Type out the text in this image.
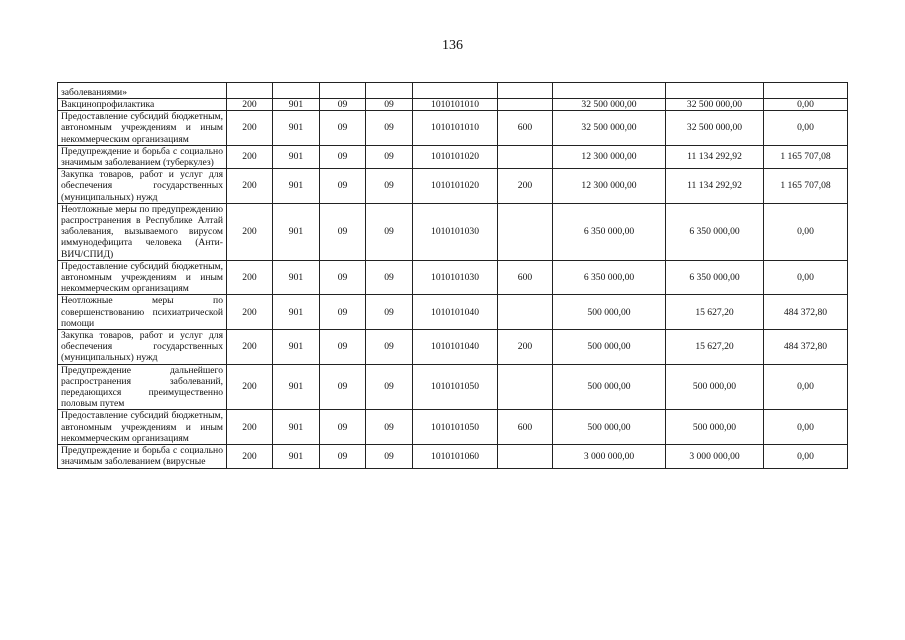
136
заболеваниями»									
Вакцинопрофилактика	200	901	09	09	1010101010		32 500 000,00	32 500 000,00	0,00
Предоставление субсидий бюджетным, автономным учреждениям и иным некоммерческим организациям	200	901	09	09	1010101010	600	32 500 000,00	32 500 000,00	0,00
Предупреждение и борьба с социально значимым заболеванием (туберкулез)	200	901	09	09	1010101020		12 300 000,00	11 134 292,92	1 165 707,08
Закупка товаров, работ и услуг для обеспечения государственных (муниципальных) нужд	200	901	09	09	1010101020	200	12 300 000,00	11 134 292,92	1 165 707,08
Неотложные меры по предупреждению распространения в Республике Алтай заболевания, вызываемого вирусом иммунодефицита человека (Анти-ВИЧ/СПИД)	200	901	09	09	1010101030		6 350 000,00	6 350 000,00	0,00
Предоставление субсидий бюджетным, автономным учреждениям и иным некоммерческим организациям	200	901	09	09	1010101030	600	6 350 000,00	6 350 000,00	0,00
Неотложные меры по совершенствованию психиатрической помощи	200	901	09	09	1010101040		500 000,00	15 627,20	484 372,80
Закупка товаров, работ и услуг для обеспечения государственных (муниципальных) нужд	200	901	09	09	1010101040	200	500 000,00	15 627,20	484 372,80
Предупреждение дальнейшего распространения заболеваний, передающихся преимущественно половым путем	200	901	09	09	1010101050		500 000,00	500 000,00	0,00
Предоставление субсидий бюджетным, автономным учреждениям и иным некоммерческим организациям	200	901	09	09	1010101050	600	500 000,00	500 000,00	0,00
Предупреждение и борьба с социально значимым заболеванием (вирусные	200	901	09	09	1010101060		3 000 000,00	3 000 000,00	0,00
